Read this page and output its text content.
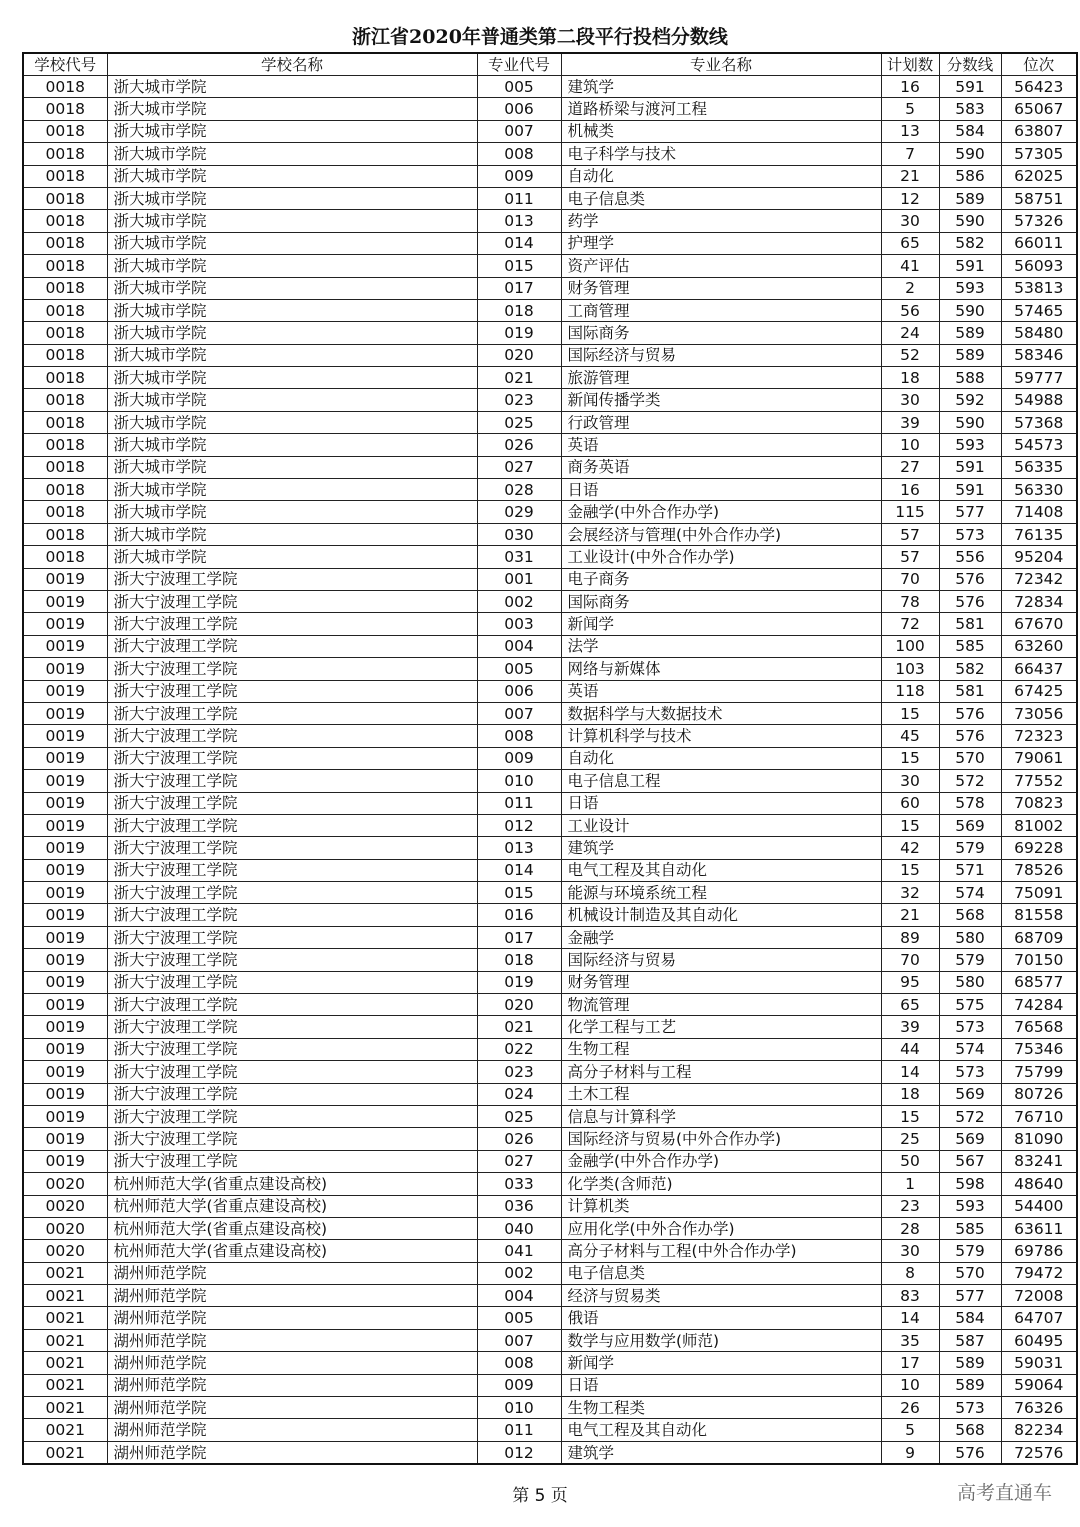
浙江省2020年普通类第二段平行投档分数线
学校代号	学校名称	专业代号	专业名称	计划数	分数线	位次
0018	浙大城市学院	005	建筑学	16	591	56423
0018	浙大城市学院	006	道路桥梁与渡河工程	5	583	65067
0018	浙大城市学院	007	机械类	13	584	63807
0018	浙大城市学院	008	电子科学与技术	7	590	57305
0018	浙大城市学院	009	自动化	21	586	62025
0018	浙大城市学院	011	电子信息类	12	589	58751
0018	浙大城市学院	013	药学	30	590	57326
0018	浙大城市学院	014	护理学	65	582	66011
0018	浙大城市学院	015	资产评估	41	591	56093
0018	浙大城市学院	017	财务管理	2	593	53813
0018	浙大城市学院	018	工商管理	56	590	57465
0018	浙大城市学院	019	国际商务	24	589	58480
0018	浙大城市学院	020	国际经济与贸易	52	589	58346
0018	浙大城市学院	021	旅游管理	18	588	59777
0018	浙大城市学院	023	新闻传播学类	30	592	54988
0018	浙大城市学院	025	行政管理	39	590	57368
0018	浙大城市学院	026	英语	10	593	54573
0018	浙大城市学院	027	商务英语	27	591	56335
0018	浙大城市学院	028	日语	16	591	56330
0018	浙大城市学院	029	金融学(中外合作办学)	115	577	71408
0018	浙大城市学院	030	会展经济与管理(中外合作办学)	57	573	76135
0018	浙大城市学院	031	工业设计(中外合作办学)	57	556	95204
0019	浙大宁波理工学院	001	电子商务	70	576	72342
0019	浙大宁波理工学院	002	国际商务	78	576	72834
0019	浙大宁波理工学院	003	新闻学	72	581	67670
0019	浙大宁波理工学院	004	法学	100	585	63260
0019	浙大宁波理工学院	005	网络与新媒体	103	582	66437
0019	浙大宁波理工学院	006	英语	118	581	67425
0019	浙大宁波理工学院	007	数据科学与大数据技术	15	576	73056
0019	浙大宁波理工学院	008	计算机科学与技术	45	576	72323
0019	浙大宁波理工学院	009	自动化	15	570	79061
0019	浙大宁波理工学院	010	电子信息工程	30	572	77552
0019	浙大宁波理工学院	011	日语	60	578	70823
0019	浙大宁波理工学院	012	工业设计	15	569	81002
0019	浙大宁波理工学院	013	建筑学	42	579	69228
0019	浙大宁波理工学院	014	电气工程及其自动化	15	571	78526
0019	浙大宁波理工学院	015	能源与环境系统工程	32	574	75091
0019	浙大宁波理工学院	016	机械设计制造及其自动化	21	568	81558
0019	浙大宁波理工学院	017	金融学	89	580	68709
0019	浙大宁波理工学院	018	国际经济与贸易	70	579	70150
0019	浙大宁波理工学院	019	财务管理	95	580	68577
0019	浙大宁波理工学院	020	物流管理	65	575	74284
0019	浙大宁波理工学院	021	化学工程与工艺	39	573	76568
0019	浙大宁波理工学院	022	生物工程	44	574	75346
0019	浙大宁波理工学院	023	高分子材料与工程	14	573	75799
0019	浙大宁波理工学院	024	土木工程	18	569	80726
0019	浙大宁波理工学院	025	信息与计算科学	15	572	76710
0019	浙大宁波理工学院	026	国际经济与贸易(中外合作办学)	25	569	81090
0019	浙大宁波理工学院	027	金融学(中外合作办学)	50	567	83241
0020	杭州师范大学(省重点建设高校)	033	化学类(含师范)	1	598	48640
0020	杭州师范大学(省重点建设高校)	036	计算机类	23	593	54400
0020	杭州师范大学(省重点建设高校)	040	应用化学(中外合作办学)	28	585	63611
0020	杭州师范大学(省重点建设高校)	041	高分子材料与工程(中外合作办学)	30	579	69786
0021	湖州师范学院	002	电子信息类	8	570	79472
0021	湖州师范学院	004	经济与贸易类	83	577	72008
0021	湖州师范学院	005	俄语	14	584	64707
0021	湖州师范学院	007	数学与应用数学(师范)	35	587	60495
0021	湖州师范学院	008	新闻学	17	589	59031
0021	湖州师范学院	009	日语	10	589	59064
0021	湖州师范学院	010	生物工程类	26	573	76326
0021	湖州师范学院	011	电气工程及其自动化	5	568	82234
0021	湖州师范学院	012	建筑学	9	576	72576
第 5 页	高考直通车
